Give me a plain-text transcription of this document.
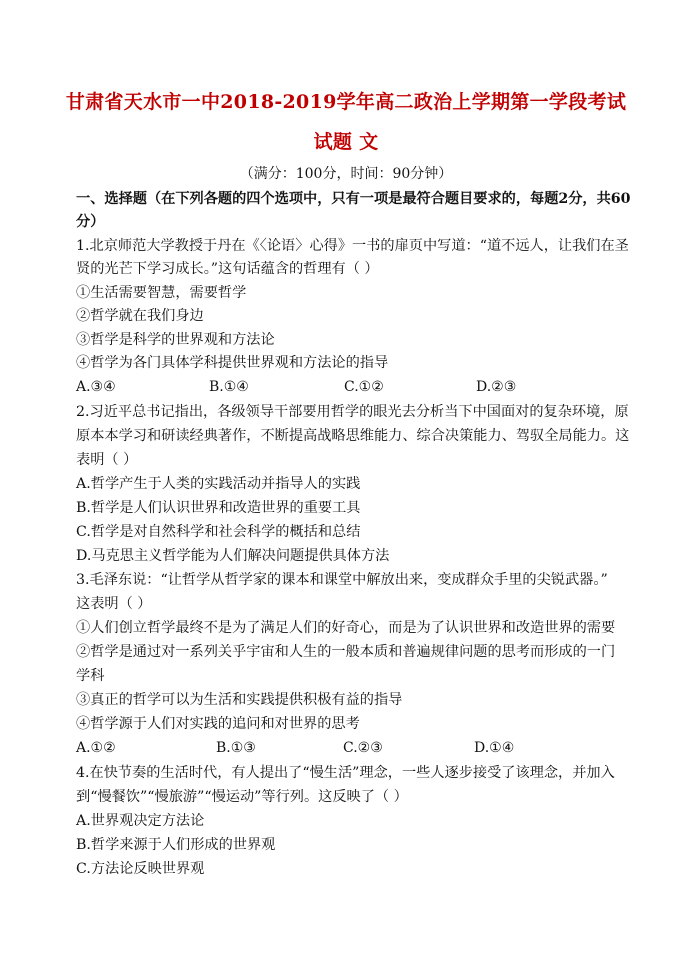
甘肃省天水市一中2018-2019学年高二政治上学期第一学段考试
试题 文
（满分：100分，时间：90分钟）
一、选择题（在下列各题的四个选项中，只有一项是最符合题目要求的，每题2分，共60
分）
1.北京师范大学教授于丹在《〈论语〉心得》一书的扉页中写道：“道不远人，让我们在圣
贤的光芒下学习成长。”这句话蕴含的哲理有（ ）
①生活需要智慧，需要哲学
②哲学就在我们身边
③哲学是科学的世界观和方法论
④哲学为各门具体学科提供世界观和方法论的指导
A.③④	B.①④	C.①②	D.②③
2.习近平总书记指出，各级领导干部要用哲学的眼光去分析当下中国面对的复杂环境，原
原本本学习和研读经典著作，不断提高战略思维能力、综合决策能力、驾驭全局能力。这
表明（ ）
A.哲学产生于人类的实践活动并指导人的实践
B.哲学是人们认识世界和改造世界的重要工具
C.哲学是对自然科学和社会科学的概括和总结
D.马克思主义哲学能为人们解决问题提供具体方法
3.毛泽东说：“让哲学从哲学家的课本和课堂中解放出来，变成群众手里的尖锐武器。”
这表明（ ）
①人们创立哲学最终不是为了满足人们的好奇心，而是为了认识世界和改造世界的需要
②哲学是通过对一系列关乎宇宙和人生的一般本质和普遍规律问题的思考而形成的一门
学科
③真正的哲学可以为生活和实践提供积极有益的指导
④哲学源于人们对实践的追问和对世界的思考
A.①②	B.①③	C.②③	D.①④
4.在快节奏的生活时代，有人提出了“慢生活”理念，一些人逐步接受了该理念，并加入
到“慢餐饮”“慢旅游”“慢运动”等行列。这反映了（ ）
A.世界观决定方法论
B.哲学来源于人们形成的世界观
C.方法论反映世界观
